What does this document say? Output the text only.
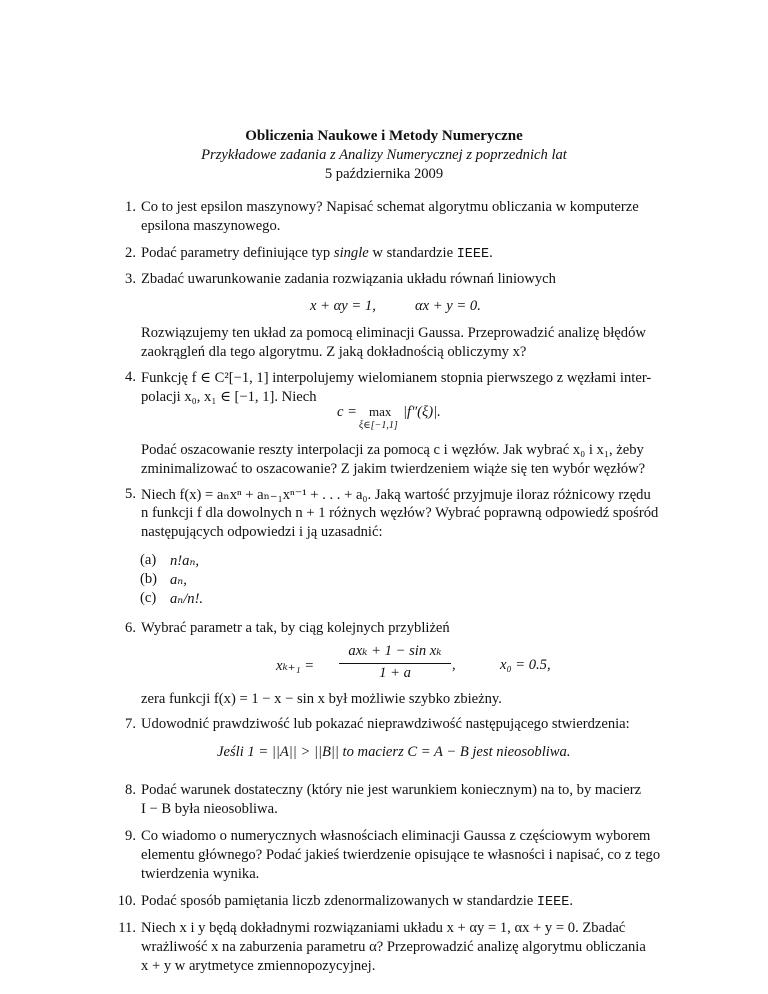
Obliczenia Naukowe i Metody Numeryczne
Przykładowe zadania z Analizy Numerycznej z poprzednich lat
5 października 2009
1. Co to jest epsilon maszynowy? Napisać schemat algorytmu obliczania w komputerze
epsilona maszynowego.
2. Podać parametry definiujące typ single w standardzie IEEE.
3. Zbadać uwarunkowanie zadania rozwiązania układu równań liniowych
x + αy = 1,	αx + y = 0.
Rozwiązujemy ten układ za pomocą eliminacji Gaussa. Przeprowadzić analizę błędów
zaokrągleń dla tego algorytmu. Z jaką dokładnością obliczymy x?
4. Funkcję f ∈ C²[−1, 1] interpolujemy wielomianem stopnia pierwszego z węzłami inter-
polacji x₀, x₁ ∈ [−1, 1]. Niech
c = max
ξ∈[−1,1]
|f″(ξ)|.
Podać oszacowanie reszty interpolacji za pomocą c i węzłów. Jak wybrać x₀ i x₁, żeby
zminimalizować to oszacowanie? Z jakim twierdzeniem wiąże się ten wybór węzłów?
5. Niech f(x) = aₙxⁿ + aₙ₋₁xⁿ⁻¹ + . . . + a₀. Jaką wartość przyjmuje iloraz różnicowy rzędu
n funkcji f dla dowolnych n + 1 różnych węzłów? Wybrać poprawną odpowiedź spośród
następujących odpowiedzi i ją uzasadnić:
(a) n!aₙ,
(b) aₙ,
(c) aₙ/n!.
6. Wybrać parametr a tak, by ciąg kolejnych przybliżeń
xₖ₊₁ =
axₖ + 1 − sin xₖ
1 + a	,	x₀ = 0.5,
zera funkcji f(x) = 1 − x − sin x był możliwie szybko zbieżny.
7. Udowodnić prawdziwość lub pokazać nieprawdziwość następującego stwierdzenia:
Jeśli 1 = ||A|| > ||B|| to macierz C = A − B jest nieosobliwa.
8. Podać warunek dostateczny (który nie jest warunkiem koniecznym) na to, by macierz
I − B była nieosobliwa.
9. Co wiadomo o numerycznych własnościach eliminacji Gaussa z częściowym wyborem
elementu głównego? Podać jakieś twierdzenie opisujące te własności i napisać, co z tego
twierdzenia wynika.
10. Podać sposób pamiętania liczb zdenormalizowanych w standardzie IEEE.
11. Niech x i y będą dokładnymi rozwiązaniami układu x + αy = 1, αx + y = 0. Zbadać
wrażliwość x na zaburzenia parametru α? Przeprowadzić analizę algorytmu obliczania
x + y w arytmetyce zmiennopozycyjnej.
